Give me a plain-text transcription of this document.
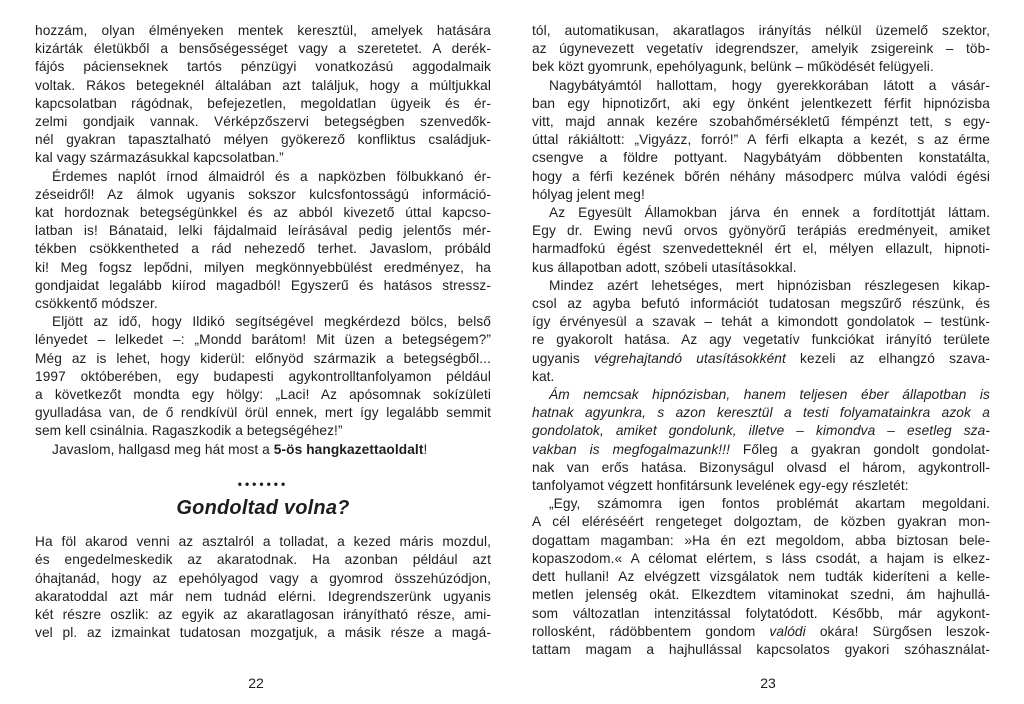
hozzám, olyan élményeken mentek keresztül, amelyek hatására
kizárták életükből a bensőségességet vagy a szeretetet. A derék-
fájós pácienseknek tartós pénzügyi vonatkozású aggodalmaik
voltak. Rákos betegeknél általában azt találjuk, hogy a múltjukkal
kapcsolatban rágódnak, befejezetlen, megoldatlan ügyeik és ér-
zelmi gondjaik vannak. Vérképzőszervi betegségben szenvedők-
nél gyakran tapasztalható mélyen gyökerező konfliktus családjuk-
kal vagy származásukkal kapcsolatban.”
Érdemes naplót írnod álmaidról és a napközben fölbukkanó ér-
zéseidről! Az álmok ugyanis sokszor kulcsfontosságú információ-
kat hordoznak betegségünkkel és az abból kivezető úttal kapcso-
latban is! Bánataid, lelki fájdalmaid leírásával pedig jelentős mér-
tékben csökkentheted a rád nehezedő terhet. Javaslom, próbáld
ki! Meg fogsz lepődni, milyen megkönnyebbülést eredményez, ha
gondjaidat legalább kiírod magadból! Egyszerű és hatásos stressz-
csökkentő módszer.
Eljött az idő, hogy Ildikó segítségével megkérdezd bölcs, belső
lényedet – lelkedet –: „Mondd barátom! Mit üzen a betegségem?”
Még az is lehet, hogy kiderül: előnyöd származik a betegségből...
1997 októberében, egy budapesti agykontrolltanfolyamon például
a következőt mondta egy hölgy: „Laci! Az apósomnak sokízületi
gyulladása van, de ő rendkívül örül ennek, mert így legalább semmit
sem kell csinálnia. Ragaszkodik a betegségéhez!”
Javaslom, hallgasd meg hát most a 5-ös hangkazettaoldalt!
•••••••
Gondoltad volna?
Ha föl akarod venni az asztalról a tolladat, a kezed máris mozdul,
és engedelmeskedik az akaratodnak. Ha azonban például azt
óhajtanád, hogy az epehólyagod vagy a gyomrod összehúzódjon,
akaratoddal azt már nem tudnád elérni. Idegrendszerünk ugyanis
két részre oszlik: az egyik az akaratlagosan irányítható része, ami-
vel pl. az izmainkat tudatosan mozgatjuk, a másik része a magá-
22
tól, automatikusan, akaratlagos irányítás nélkül üzemelő szektor,
az úgynevezett vegetatív idegrendszer, amelyik zsigereink – töb-
bek közt gyomrunk, epehólyagunk, belünk – működését felügyeli.
Nagybátyámtól hallottam, hogy gyerekkorában látott a vásár-
ban egy hipnotizőrt, aki egy önként jelentkezett férfit hipnózisba
vitt, majd annak kezére szobahőmérsékletű fémpénzt tett, s egy-
úttal rákiáltott: „Vigyázz, forró!” A férfi elkapta a kezét, s az érme
csengve a földre pottyant. Nagybátyám döbbenten konstatálta,
hogy a férfi kezének bőrén néhány másodperc múlva valódi égési
hólyag jelent meg!
Az Egyesült Államokban járva én ennek a fordítottját láttam.
Egy dr. Ewing nevű orvos gyönyörű terápiás eredményeit, amiket
harmadfokú égést szenvedetteknél ért el, mélyen ellazult, hipnoti-
kus állapotban adott, szóbeli utasításokkal.
Mindez azért lehetséges, mert hipnózisban részlegesen kikap-
csol az agyba befutó információt tudatosan megszűrő részünk, és
így érvényesül a szavak – tehát a kimondott gondolatok – testünk-
re gyakorolt hatása. Az agy vegetatív funkciókat irányító területe
ugyanis végrehajtandó utasításokként kezeli az elhangzó szava-
kat.
Ám nemcsak hipnózisban, hanem teljesen éber állapotban is
hatnak agyunkra, s azon keresztül a testi folyamatainkra azok a
gondolatok, amiket gondolunk, illetve – kimondva – esetleg sza-
vakban is megfogalmazunk!!! Főleg a gyakran gondolt gondolat-
nak van erős hatása. Bizonyságul olvasd el három, agykontroll-
tanfolyamot végzett honfitársunk levelének egy-egy részletét:
„Egy, számomra igen fontos problémát akartam megoldani.
A cél eléréséért rengeteget dolgoztam, de közben gyakran mon-
dogattam magamban: »Ha én ezt megoldom, abba biztosan bele-
kopaszodom.« A célomat elértem, s láss csodát, a hajam is elkez-
dett hullani! Az elvégzett vizsgálatok nem tudták kideríteni a kelle-
metlen jelenség okát. Elkezdtem vitaminokat szedni, ám hajhullá-
som változatlan intenzitással folytatódott. Később, már agykont-
rollosként, rádöbbentem gondom valódi okára! Sürgősen leszok-
tattam magam a hajhullással kapcsolatos gyakori szóhasználat-
23
